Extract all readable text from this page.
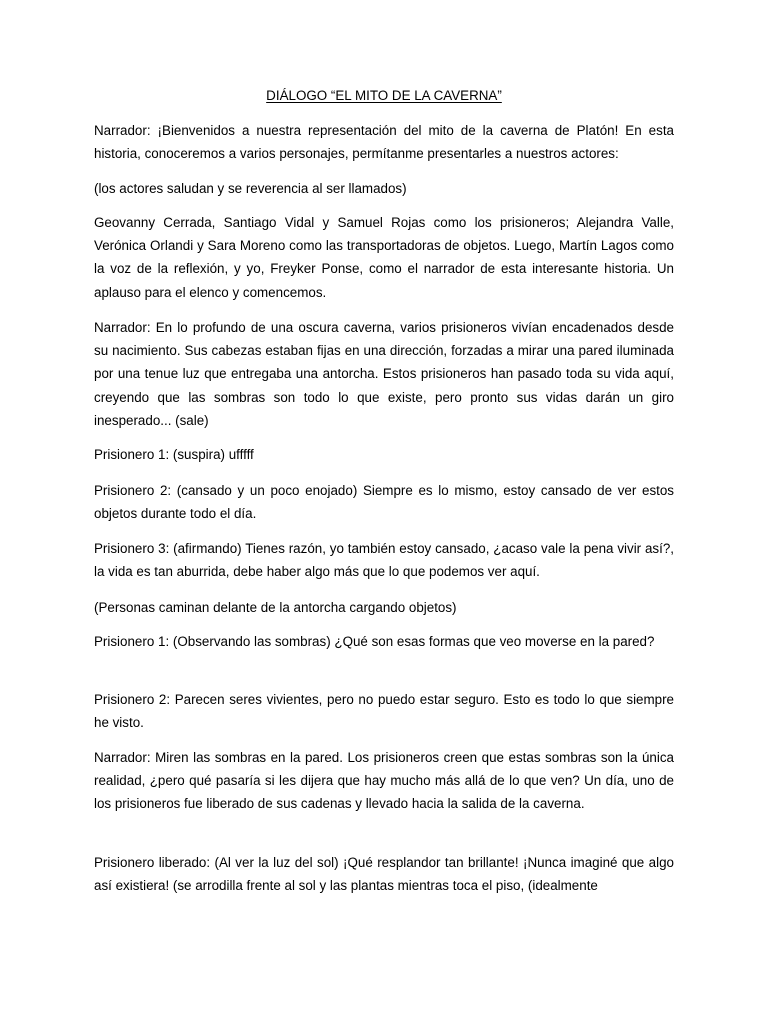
DIÁLOGO “EL MITO DE LA CAVERNA”

Narrador: ¡Bienvenidos a nuestra representación del mito de la caverna de Platón! En esta historia, conoceremos a varios personajes, permítanme presentarles a nuestros actores:

(los actores saludan y se reverencia al ser llamados)

Geovanny Cerrada, Santiago Vidal y Samuel Rojas como los prisioneros; Alejandra Valle, Verónica Orlandi y Sara Moreno como las transportadoras de objetos. Luego, Martín Lagos como la voz de la reflexión, y yo, Freyker Ponse, como el narrador de esta interesante historia. Un aplauso para el elenco y comencemos.

Narrador: En lo profundo de una oscura caverna, varios prisioneros vivían encadenados desde su nacimiento. Sus cabezas estaban fijas en una dirección, forzadas a mirar una pared iluminada por una tenue luz que entregaba una antorcha. Estos prisioneros han pasado toda su vida aquí, creyendo que las sombras son todo lo que existe, pero pronto sus vidas darán un giro inesperado... (sale)

Prisionero 1: (suspira) ufffff

Prisionero 2: (cansado y un poco enojado) Siempre es lo mismo, estoy cansado de ver estos objetos durante todo el día.

Prisionero 3: (afirmando) Tienes razón, yo también estoy cansado, ¿acaso vale la pena vivir así?, la vida es tan aburrida, debe haber algo más que lo que podemos ver aquí.

(Personas caminan delante de la antorcha cargando objetos)

Prisionero 1: (Observando las sombras) ¿Qué son esas formas que veo moverse en la pared?

Prisionero 2: Parecen seres vivientes, pero no puedo estar seguro. Esto es todo lo que siempre he visto.

Narrador: Miren las sombras en la pared. Los prisioneros creen que estas sombras son la única realidad, ¿pero qué pasaría si les dijera que hay mucho más allá de lo que ven? Un día, uno de los prisioneros fue liberado de sus cadenas y llevado hacia la salida de la caverna.

Prisionero liberado: (Al ver la luz del sol) ¡Qué resplandor tan brillante! ¡Nunca imaginé que algo así existiera! (se arrodilla frente al sol y las plantas mientras toca el piso, (idealmente
